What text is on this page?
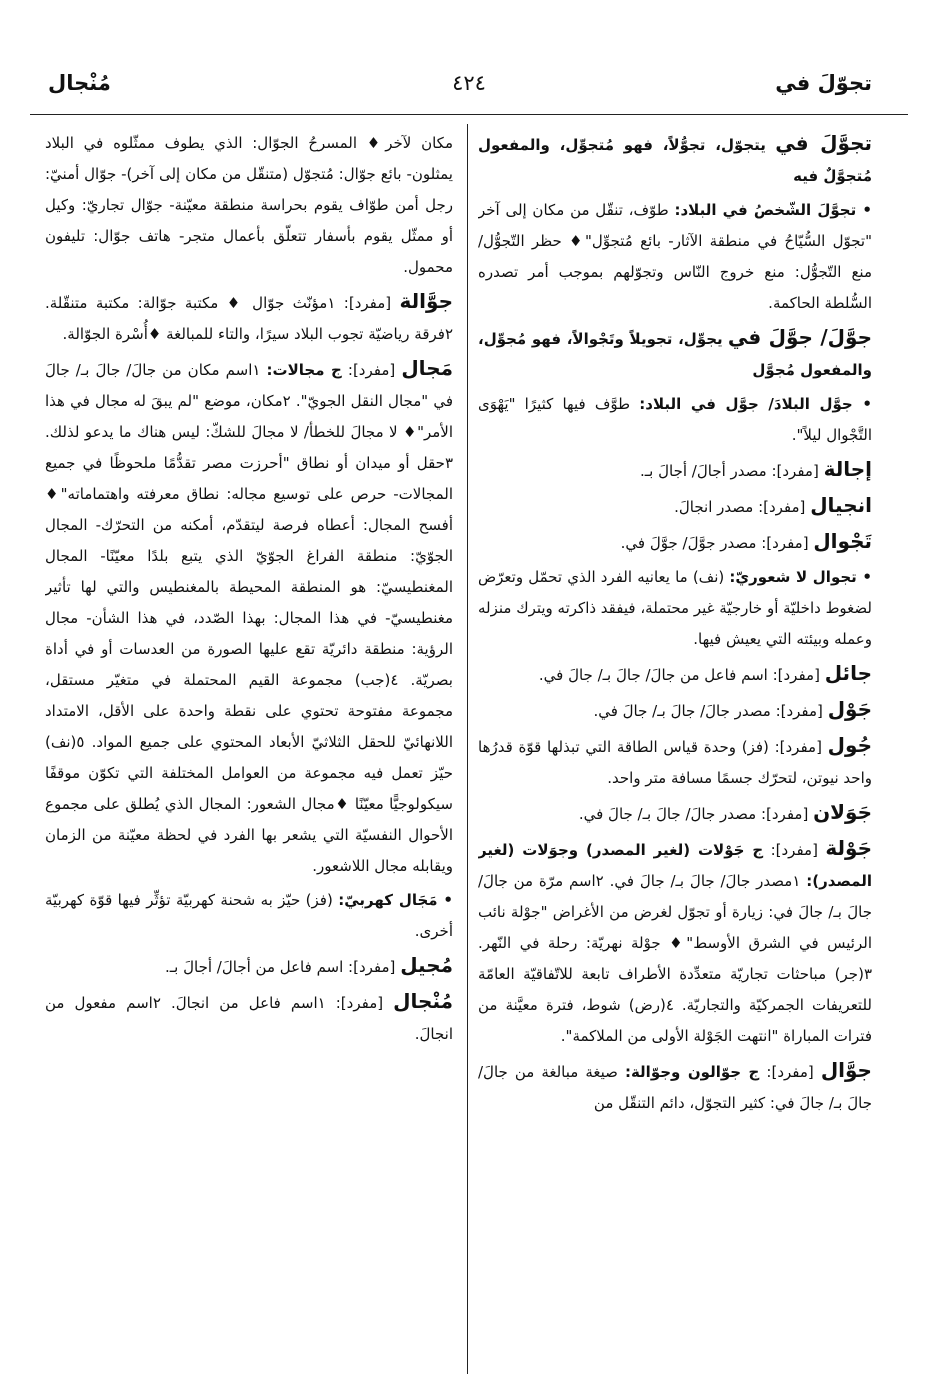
تجوّلَ في
٤٢٤
مُنْجال

تجوَّلَ في يتجوّل، تجوُّلاً، فهو مُتجوِّل، والمفعول مُتجوَّلٌ فيه

• تجوَّلَ الشّخصُ في البلاد: طوّف، تنقّل من مكان إلى آخر "تجوّل السُّيّاحُ في منطقة الآثار- بائع مُتجوِّل"♦ حظر التّجوُّل/ منع التّجوُّل: منع خروج النّاس وتجوّلهم بموجب أمر تصدره السُّلطة الحاكمة.

جوَّلَ/ جوَّلَ في يجوِّل، تجويلاً وتَجْوالاً، فهو مُجوِّل، والمفعول مُجوَّل

• جوَّل البلادَ/ جوَّل في البلاد: طوَّف فيها كثيرًا "يَهْوَى التَّجْوال ليلاً".

إجالة [مفرد]: مصدر أجالَ/ أجالَ بـ.

انجيال [مفرد]: مصدر انجالَ.

تَجْوال [مفرد]: مصدر جوَّلَ/ جوَّلَ في.

• تجوال لا شعوريّ: (نف) ما يعانيه الفرد الذي تحمّل وتعرّض لضغوط داخليّة أو خارجيّة غير محتملة، فيفقد ذاكرته ويترك منزله وعمله وبيئته التي يعيش فيها.

جائل [مفرد]: اسم فاعل من جالَ/ جالَ بـ/ جالَ في.

جَوْل [مفرد]: مصدر جالَ/ جالَ بـ/ جالَ في.

جُول [مفرد]: (فز) وحدة قياس الطاقة التي تبذلها قوّة قدرُها واحد نيوتن، لتحرّك جسمًا مسافة متر واحد.

جَوَلان [مفرد]: مصدر جالَ/ جالَ بـ/ جالَ في.

جَوْلة [مفرد]: ج جَوْلات (لغير المصدر) وجوَلات (لغير المصدر): ١مصدر جالَ/ جالَ بـ/ جالَ في. ٢اسم مرّة من جالَ/ جالَ بـ/ جالَ في: زيارة أو تجوّل لغرض من الأغراض "جوْلة نائب الرئيس في الشرق الأوسط"♦ جوْلة نهريّة: رحلة في النّهر. ٣(جر) مباحثات تجاريّة متعدِّدة الأطراف تابعة للاتّفاقيّة العامّة للتعريفات الجمركيّة والتجاريّة. ٤(رض) شوط، فترة معيَّنة من فترات المباراة "انتهت الجَوْلة الأولى من الملاكمة".

جوَّال [مفرد]: ج جوّالون وجوّالة: صيغة مبالغة من جالَ/ جالَ بـ/ جالَ في: كثير التجوّل، دائم التنقّل من

مكان لآخر♦ المسرحُ الجوّال: الذي يطوف ممثّلوه في البلاد يمثلون- بائع جوّال: مُتجوّل (متنقّل من مكان إلى آخر)- جوّال أمنيّ: رجل أمن طوّاف يقوم بحراسة منطقة معيّنة- جوّال تجاريّ: وكيل أو ممثّل يقوم بأسفار تتعلّق بأعمال متجر- هاتف جوّال: تليفون محمول.

جوَّالة [مفرد]: ١مؤنّث جوّال ♦ مكتبة جوّالة: مكتبة متنقّلة. ٢فرقة رياضيّة تجوب البلاد سيرًا، والتاء للمبالغة ♦أُسْرة الجوّالة.

مَجال [مفرد]: ج مجالات: ١اسم مكان من جالَ/ جالَ بـ/ جالَ في "مجال النقل الجويّ". ٢مكان، موضع "لم يبقَ له مجال في هذا الأمر"♦ لا مجالَ للخطأ/ لا مجالَ للشكّ: ليس هناك ما يدعو لذلك. ٣حقل أو ميدان أو نطاق "أحرزت مصر تقدُّمًا ملحوظًا في جميع المجالات- حرص على توسيع مجاله: نطاق معرفته واهتماماته"♦ أفسح المجال: أعطاه فرصة ليتقدّم، أمكنه من التحرّك- المجال الجوّيّ: منطقة الفراغ الجوّيّ الذي يتبع بلدًا معيّنًا- المجال المغنطيسيّ: هو المنطقة المحيطة بالمغنطيس والتي لها تأثير مغنطيسيّ- في هذا المجال: بهذا الصّدد، في هذا الشأن- مجال الرؤية: منطقة دائريّة تقع عليها الصورة من العدسات أو في أداة بصريّة. ٤(جب) مجموعة القيم المحتملة في متغيّر مستقل، مجموعة مفتوحة تحتوي على نقطة واحدة على الأقل، الامتداد اللانهائيّ للحقل الثلاثيّ الأبعاد المحتوي على جميع المواد. ٥(نف) حيّز تعمل فيه مجموعة من العوامل المختلفة التي تكوّن موقفًا سيكولوجيًّا معيّنًا ♦مجال الشعور: المجال الذي يُطلق على مجموع الأحوال النفسيّة التي يشعر بها الفرد في لحظة معيّنة من الزمان ويقابله مجال اللاشعور.

• مَجَال كهربيّ: (فز) حيّز به شحنة كهربيّة تؤثِّر فيها قوّة كهربيّة أخرى.

مُجيل [مفرد]: اسم فاعل من أجالَ/ أجالَ بـ.

مُنْجال [مفرد]: ١اسم فاعل من انجالَ. ٢اسم مفعول من انجالَ.
